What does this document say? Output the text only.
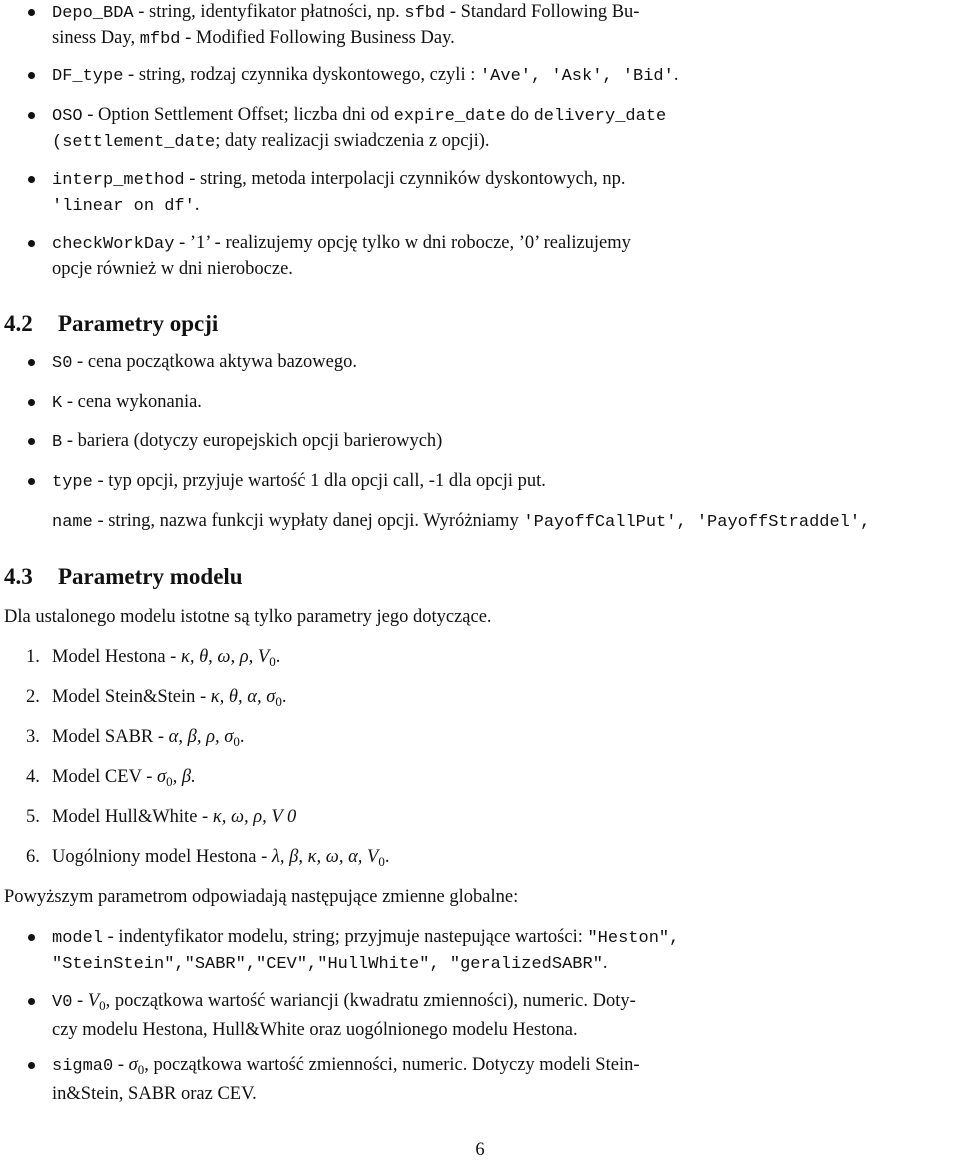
Depo_BDA - string, identyfikator płatności, np. sfbd - Standard Following Bu-
siness Day, mfbd - Modified Following Business Day.
DF_type - string, rodzaj czynnika dyskontowego, czyli : 'Ave', 'Ask', 'Bid'.
OSO - Option Settlement Offset; liczba dni od expire_date do delivery_date
(settlement_date; daty realizacji swiadczenia z opcji).
interp_method - string, metoda interpolacji czynników dyskontowych, np.
'linear on df'.
checkWorkDay - ’1’ - realizujemy opcję tylko w dni robocze, ’0’ realizujemy
opcje również w dni nierobocze.
4.2 Parametry opcji
S0 - cena początkowa aktywa bazowego.
K - cena wykonania.
B - bariera (dotyczy europejskich opcji barierowych)
type - typ opcji, przyjuje wartość 1 dla opcji call, -1 dla opcji put.
name - string, nazwa funkcji wypłaty danej opcji. Wyróżniamy 'PayoffCallPut', 'PayoffStraddel',
4.3 Parametry modelu
Dla ustalonego modelu istotne są tylko parametry jego dotyczące.
1. Model Hestona - κ, θ, ω, ρ, $V_0$.
2. Model Stein&Stein - κ, θ, α, $\sigma_0$.
3. Model SABR - α, β, ρ, $\sigma_0$.
4. Model CEV - $\sigma_0$, β.
5. Model Hull&White - κ, ω, ρ, V 0
6. Uogólniony model Hestona - λ, β, κ, ω, α, $V_0$.
Powyższym parametrom odpowiadają następujące zmienne globalne:
model - indentyfikator modelu, string; przyjmuje nastepujące wartości: "Heston",
"SteinStein","SABR","CEV","HullWhite", "geralizedSABR".
$V0 - V_0$, początkowa wartość wariancji (kwadratu zmienności), numeric. Doty-
czy modelu Hestona, Hull&White oraz uogólnionego modelu Hestona.
sigma0 - $\sigma_0$, początkowa wartość zmienności, numeric. Dotyczy modeli Stein-
in&Stein, SABR oraz CEV.
6
